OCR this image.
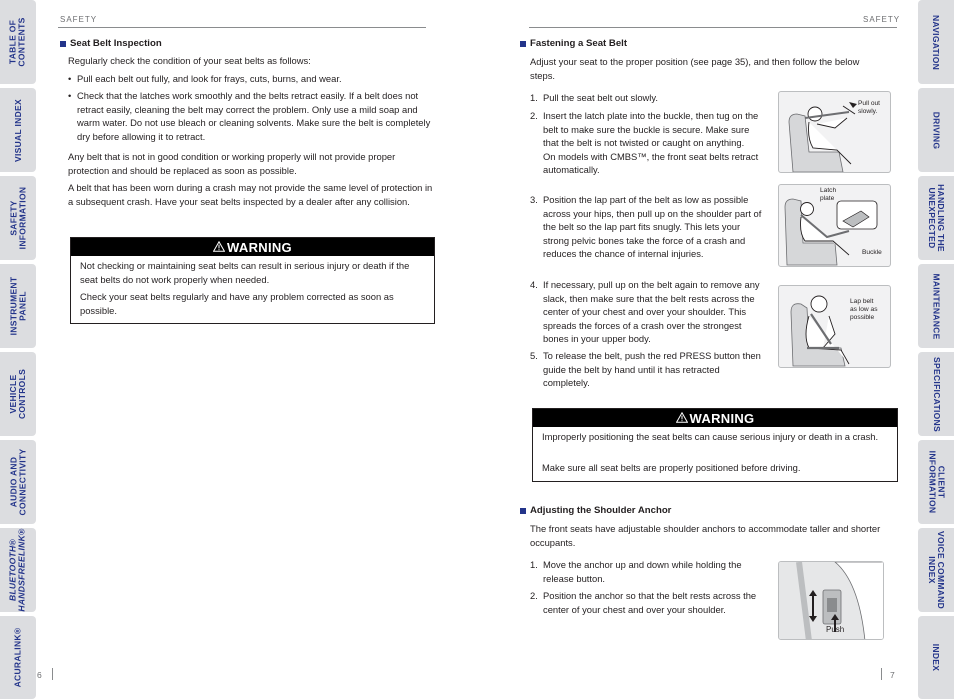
TABLE OF
CONTENTS
VISUAL INDEX
SAFETY
INFORMATION
INSTRUMENT
PANEL
VEHICLE
CONTROLS
AUDIO AND
CONNECTIVITY
BLUETOOTH®
HANDSFREELINK®
ACURALINK®
NAVIGATION
DRIVING
HANDLING THE
UNEXPECTED
MAINTENANCE
SPECIFICATIONS
CLIENT
INFORMATION
VOICE COMMAND
INDEX
INDEX
SAFETY
Seat Belt Inspection
Regularly check the condition of your seat belts as follows:
• Pull each belt out fully, and look for frays, cuts, burns, and wear.
• Check that the latches work smoothly and the belts retract easily. If a belt does not retract easily, cleaning the belt may correct the problem. Only use a mild soap and warm water. Do not use bleach or cleaning solvents. Make sure the belt is completely dry before allowing it to retract.
Any belt that is not in good condition or working properly will not provide proper protection and should be replaced as soon as possible.
A belt that has been worn during a crash may not provide the same level of protection in a subsequent crash. Have your seat belts inspected by a dealer after any collision.
WARNING
Not checking or maintaining seat belts can result in serious injury or death if the seat belts do not work properly when needed.
Check your seat belts regularly and have any problem corrected as soon as possible.
6
SAFETY
Fastening a Seat Belt
Adjust your seat to the proper position (see page 35), and then follow the below steps.
1. Pull the seat belt out slowly.
2. Insert the latch plate into the buckle, then tug on the belt to make sure the buckle is secure. Make sure that the belt is not twisted or caught on anything.
On models with CMBS™, the front seat belts retract automatically.
3. Position the lap part of the belt as low as possible across your hips, then pull up on the shoulder part of the belt so the lap part fits snugly. This lets your strong pelvic bones take the force of a crash and reduces the chance of internal injuries.
4. If necessary, pull up on the belt again to remove any slack, then make sure that the belt rests across the center of your chest and over your shoulder. This spreads the forces of a crash over the strongest bones in your upper body.
5. To release the belt, push the red PRESS button then guide the belt by hand until it has retracted completely.
Pull out
slowly.
Latch
plate
Buckle
Lap belt
as low as
possible
WARNING
Improperly positioning the seat belts can cause serious injury or death in a crash.
Make sure all seat belts are properly positioned before driving.
Adjusting the Shoulder Anchor
The front seats have adjustable shoulder anchors to accommodate taller and shorter occupants.
1. Move the anchor up and down while holding the release button.
2. Position the anchor so that the belt rests across the center of your chest and over your shoulder.
Push
7
